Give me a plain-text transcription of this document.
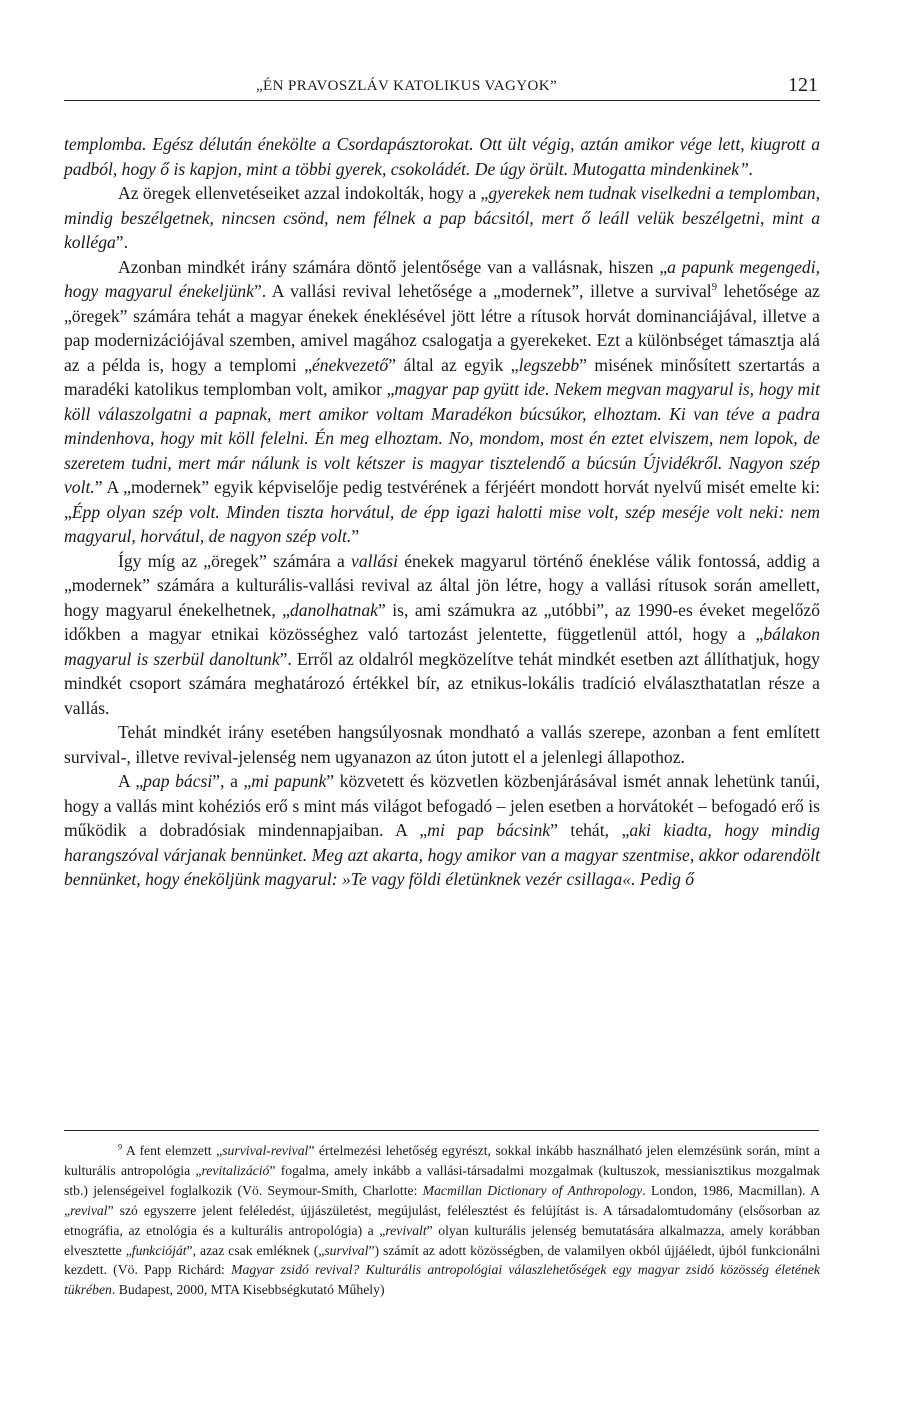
„ÉN PRAVOSZLÁV KATOLIKUS VAGYOK”	121

templomba. Egész délután énekölte a Csordapásztorokat. Ott ült végig, aztán amikor vége lett, kiugrott a padból, hogy ő is kapjon, mint a többi gyerek, csokoládét. De úgy örült. Mutogatta mindenkinek”.

Az öregek ellenvetéseiket azzal indokolták, hogy a „gyerekek nem tudnak viselkedni a templomban, mindig beszélgetnek, nincsen csönd, nem félnek a pap bácsitól, mert ő leáll velük beszélgetni, mint a kolléga”.

Azonban mindkét irány számára döntő jelentősége van a vallásnak, hiszen „a papunk megengedi, hogy magyarul énekeljünk”. A vallási revival lehetősége a „modernek”, illetve a survival$^9$ lehetősége az „öregek” számára tehát a magyar énekek éneklésével jött létre a rítusok horvát dominanciájával, illetve a pap modernizációjával szemben, amivel magához csalogatja a gyerekeket. Ezt a különbséget támasztja alá az a példa is, hogy a templomi „énekvezető” által az egyik „legszebb” misének minősített szertartás a maradéki katolikus templomban volt, amikor „magyar pap gyütt ide. Nekem megvan magyarul is, hogy mit köll válaszolgatni a papnak, mert amikor voltam Maradékon búcsúkor, elhoztam. Ki van téve a padra mindenhova, hogy mit köll felelni. Én meg elhoztam. No, mondom, most én eztet elviszem, nem lopok, de szeretem tudni, mert már nálunk is volt kétszer is magyar tisztelendő a búcsún Újvidékről. Nagyon szép volt.” A „modernek” egyik képviselője pedig testvérének a férjéért mondott horvát nyelvű misét emelte ki: „Épp olyan szép volt. Minden tiszta horvátul, de épp igazi halotti mise volt, szép meséje volt neki: nem magyarul, horvátul, de nagyon szép volt.”

Így míg az „öregek” számára a vallási énekek magyarul történő éneklése válik fontossá, addig a „modernek” számára a kulturális-vallási revival az által jön létre, hogy a vallási rítusok során amellett, hogy magyarul énekelhetnek, „danolhatnak” is, ami számukra az „utóbbi”, az 1990-es éveket megelőző időkben a magyar etnikai közösséghez való tartozást jelentette, függetlenül attól, hogy a „bálakon magyarul is szerbül danoltunk”. Erről az oldalról megközelítve tehát mindkét esetben azt állíthatjuk, hogy mindkét csoport számára meghatározó értékkel bír, az etnikus-lokális tradíció elválaszthatatlan része a vallás.

Tehát mindkét irány esetében hangsúlyosnak mondható a vallás szerepe, azonban a fent említett survival-, illetve revival-jelenség nem ugyanazon az úton jutott el a jelenlegi állapothoz.

A „pap bácsi”, a „mi papunk” közvetett és közvetlen közbenjárásával ismét annak lehetünk tanúi, hogy a vallás mint kohéziós erő s mint más világot befogadó – jelen esetben a horvátokét – befogadó erő is működik a dobradósiak mindennapjaiban. A „mi pap bácsink” tehát, „aki kiadta, hogy mindig harangszóval várjanak bennünket. Meg azt akarta, hogy amikor van a magyar szentmise, akkor odarendölt bennünket, hogy éneköljünk magyarul: »Te vagy földi életünknek vezér csillaga«. Pedig ő

$^9$ A fent elemzett „survival-revival” értelmezési lehetőség egyrészt, sokkal inkább használható jelen elemzésünk során, mint a kulturális antropológia „revitalizáció” fogalma, amely inkább a vallási-társadalmi mozgalmak (kultuszok, messianisztikus mozgalmak stb.) jelenségeivel foglalkozik (Vö. Seymour-Smith, Charlotte: Macmillan Dictionary of Anthropology. London, 1986, Macmillan). A „revival” szó egyszerre jelent feléledést, újjászületést, megújulást, felélesztést és felújítást is. A társadalomtudomány (elsősorban az etnográfia, az etnológia és a kulturális antropológia) a „revivalt” olyan kulturális jelenség bemutatására alkalmazza, amely korábban elvesztette „funkcióját”, azaz csak emléknek („survival”) számít az adott közösségben, de valamilyen okból újjáéledt, újból funkcionálni kezdett. (Vö. Papp Richárd: Magyar zsidó revival? Kulturális antropológiai válaszlehetőségek egy magyar zsidó közösség életének tükrében. Budapest, 2000, MTA Kisebbségkutató Műhely)
